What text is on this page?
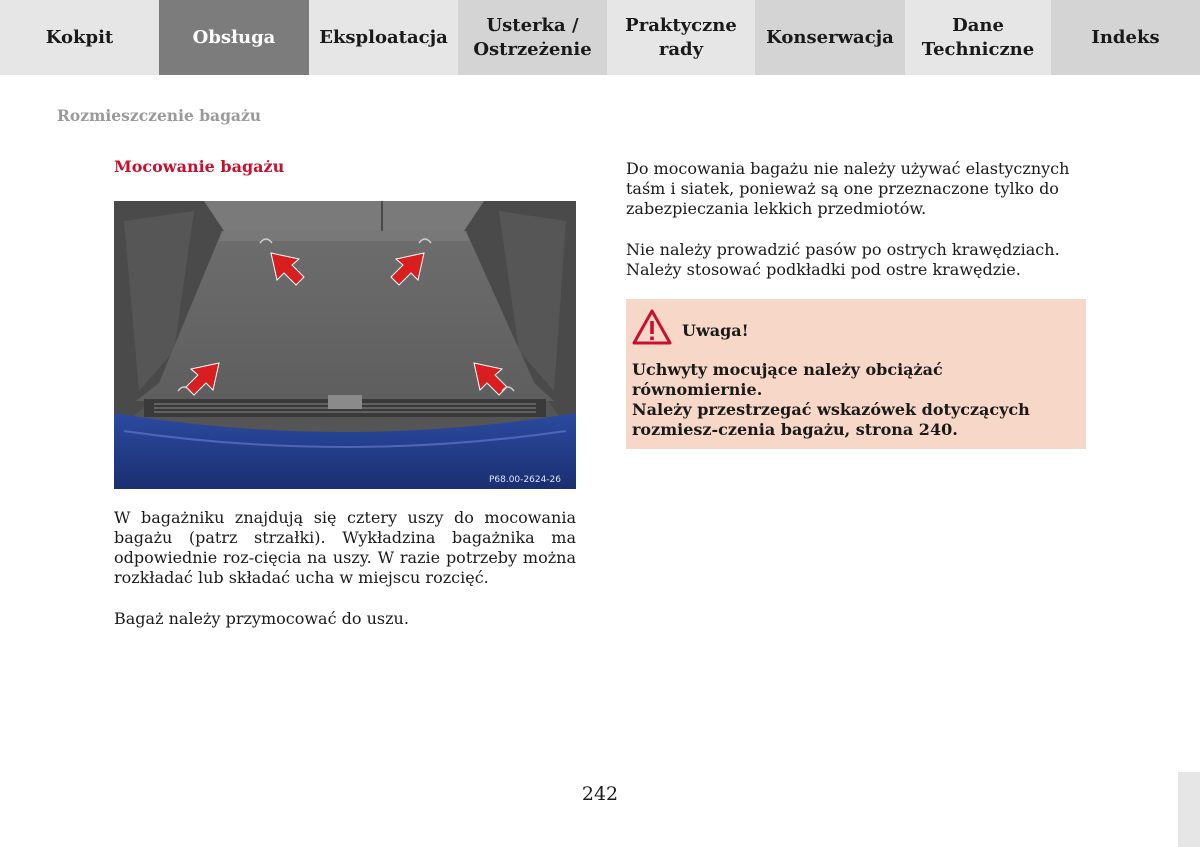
Kokpit	Obsługa Eksploatacja
Usterka /
Ostrzeżenie
Praktyczne
rady
Konserwacja
Dane
Techniczne
Indeks
Rozmieszczenie bagażu
Mocowanie bagażu
P68.00-2624-26

W bagażniku znajdują się cztery uszy do mocowania bagażu (patrz strzałki). Wykładzina bagażnika ma odpowiednie roz-cięcia na uszy. W razie potrzeby można rozkładać lub składać ucha w miejscu rozcięć.

Bagaż należy przymocować do uszu.

Do mocowania bagażu nie należy używać elastycznych taśm i siatek, ponieważ są one przeznaczone tylko do zabezpieczania lekkich przedmiotów.

Nie należy prowadzić pasów po ostrych krawędziach.
Należy stosować podkładki pod ostre krawędzie.
Uwaga!
Uchwyty mocujące należy obciążać równomiernie.
Należy przestrzegać wskazówek dotyczących rozmiesz-czenia bagażu, strona 240.
242
